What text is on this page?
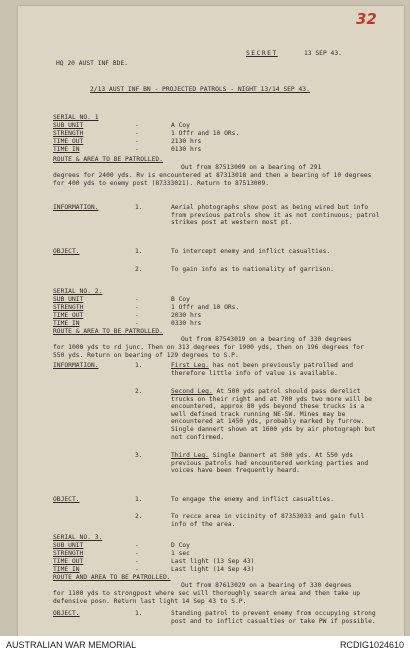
32
HQ 20 AUST INF BDE.
SECRET	13 SEP 43.
2/13 AUST INF BN - PROJECTED PATROLS - NIGHT 13/14 SEP 43.
SERIAL NO. 1
SUB UNIT	-	A Coy
STRENGTH	-	1 Offr and 10 ORs.
TIME OUT	-	2130 hrs
TIME IN	-	0130 hrs
ROUTE & AREA TO BE PATROLLED.
Out from 87513009 on a bearing of 291
degrees for 2400 yds. Rv is encountered at 87313018 and then a bearing of 10 degrees for 400 yds to enemy post (87333021). Return to 87513009.
INFORMATION.	1.	Aerial photographs show post as being wired but info from previous patrols show it as not continuous; patrol strikes post at western most pt.
OBJECT.	1.	To intercept enemy and inflict casualties.
2.	To gain info as to nationality of garrison.
SERIAL NO. 2.
SUB UNIT	-	B Coy
STRENGTH	-	1 Offr and 10 ORs.
TIME OUT	-	2030 hrs
TIME IN	-	0330 hrs
ROUTE & AREA TO BE PATROLLED.
Out from 87543019 on a bearing of 330 degrees
for 1000 yds to rd junc. Then on 313 degrees for 1900 yds, then on 196 degrees for 550 yds. Return on bearing of 129 degrees to S.P.
INFORMATION.	1.	First Leg. has not been previously patrolled and therefore little info of value is available.
2.	Second Leg. At 500 yds patrol should pass derelict trucks on their right and at 700 yds two more will be encountered, approx 80 yds beyond these trucks is a well defined track running NE-SW. Mines may be encountered at 1450 yds, probably marked by furrow. Single dannert shown at 1600 yds by air photograph but not confirmed.
3.	Third Leg. Single Dannert at 500 yds. At 550 yds previous patrols had encountered working parties and voices have been frequently heard.
OBJECT.	1.	To engage the enemy and inflict casualties.
2.	To recce area in vicinity of 87353033 and gain full info of the area.
SERIAL NO. 3.
SUB UNIT	-	D Coy
STRENGTH	-	1 sec
TIME OUT	-	Last light (13 Sep 43)
TIME IN	-	Last light (14 Sep 43)
ROUTE AND AREA TO BE PATROLLED.
Out from 87613029 on a bearing of 330 degrees
for 1100 yds to strongpost where sec will thoroughly search area and then take up defensive posn. Return last light 14 Sep 43 to S.P.
OBJECT.	1.	Standing patrol to prevent enemy from occupying strong post and to inflict casualties or take PW if possible.
AUSTRALIAN WAR MEMORIAL	RCDIG1024610
